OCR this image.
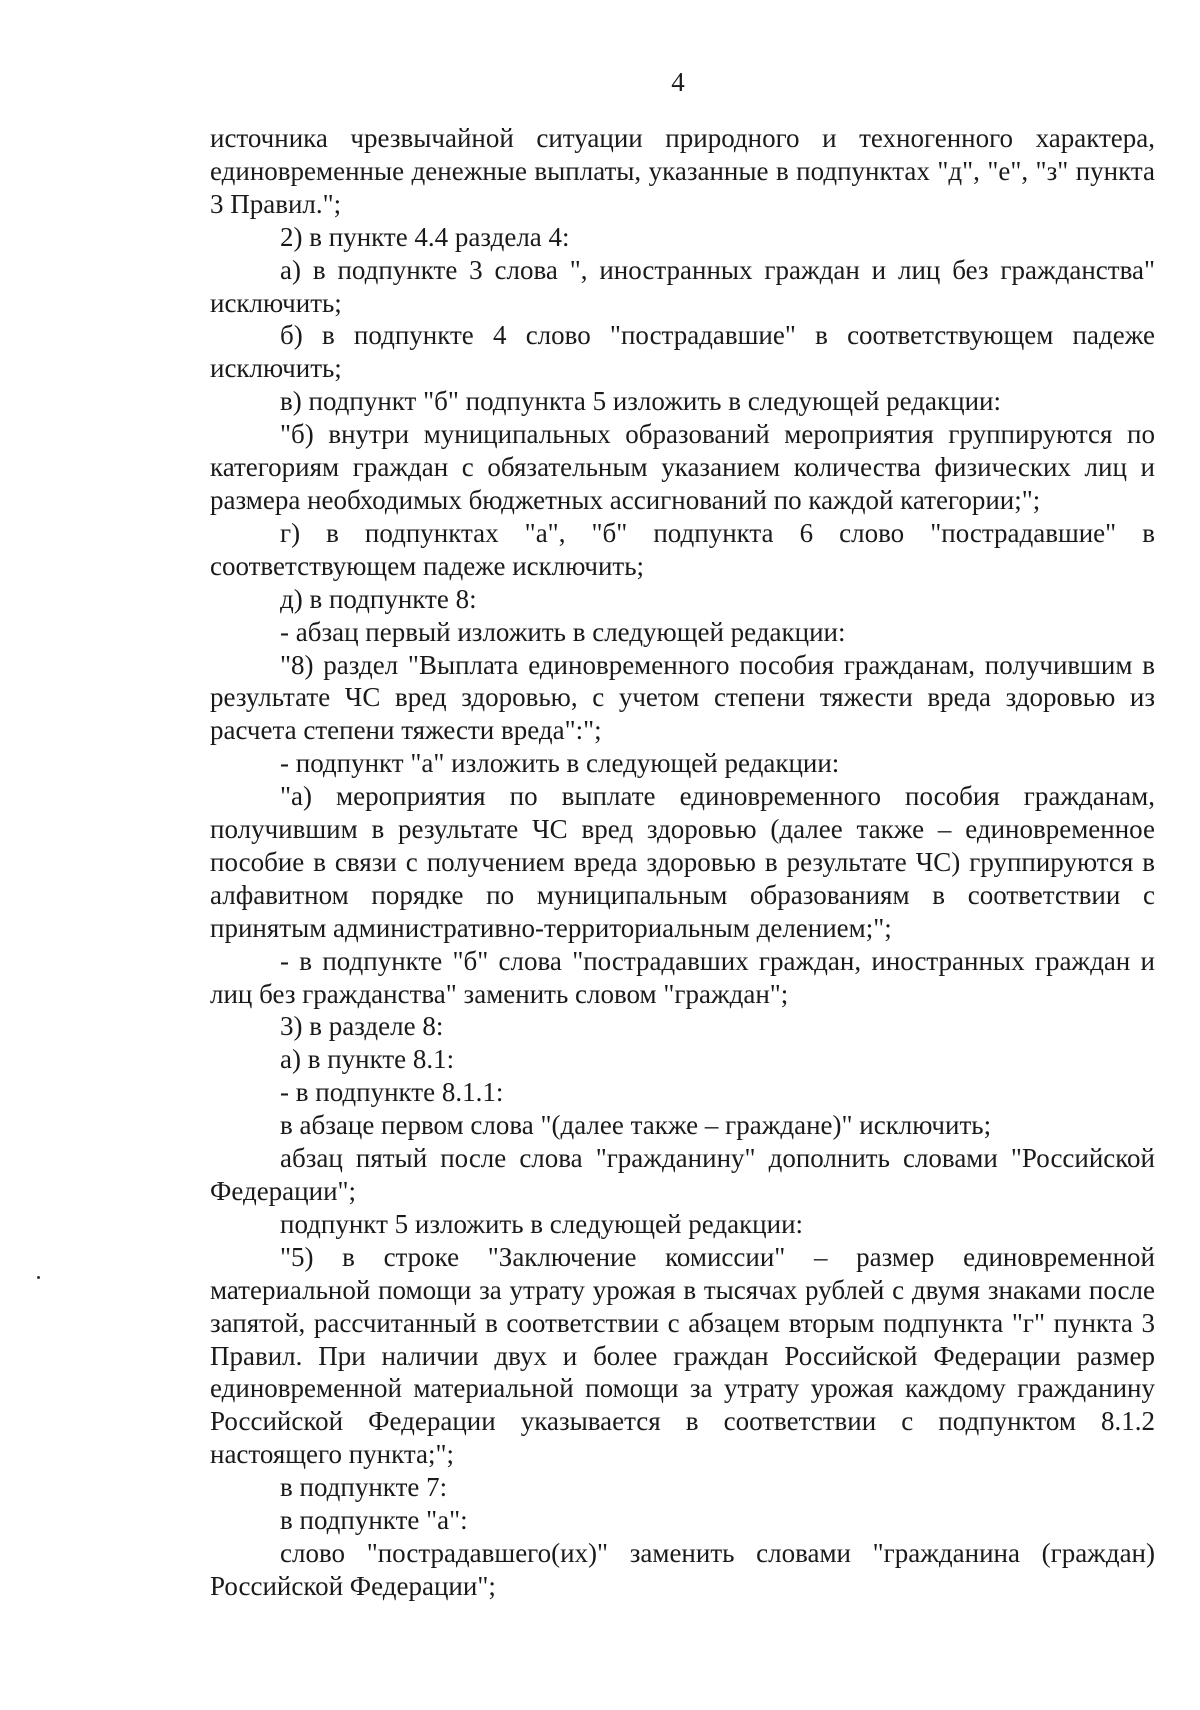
4

источника чрезвычайной ситуации природного и техногенного характера, единовременные денежные выплаты, указанные в подпунктах "д", "е", "з" пункта 3 Правил.";

2) в пункте 4.4 раздела 4:

а) в подпункте 3 слова ", иностранных граждан и лиц без гражданства" исключить;

б) в подпункте 4 слово "пострадавшие" в соответствующем падеже исключить;

в) подпункт "б" подпункта 5 изложить в следующей редакции:

"б) внутри муниципальных образований мероприятия группируются по категориям граждан с обязательным указанием количества физических лиц и размера необходимых бюджетных ассигнований по каждой категории;";

г) в подпунктах "а", "б" подпункта 6 слово "пострадавшие" в соответствующем падеже исключить;

д) в подпункте 8:

- абзац первый изложить в следующей редакции:

"8) раздел "Выплата единовременного пособия гражданам, получившим в результате ЧС вред здоровью, с учетом степени тяжести вреда здоровью из расчета степени тяжести вреда":";

- подпункт "а" изложить в следующей редакции:

"а) мероприятия по выплате единовременного пособия гражданам, получившим в результате ЧС вред здоровью (далее также – единовременное пособие в связи с получением вреда здоровью в результате ЧС) группируются в алфавитном порядке по муниципальным образованиям в соответствии с принятым административно-территориальным делением;";

- в подпункте "б" слова "пострадавших граждан, иностранных граждан и лиц без гражданства" заменить словом "граждан";

3) в разделе 8:

а) в пункте 8.1:

- в подпункте 8.1.1:

в абзаце первом слова "(далее также – граждане)" исключить;

абзац пятый после слова "гражданину" дополнить словами "Российской Федерации";

подпункт 5 изложить в следующей редакции:

"5) в строке "Заключение комиссии" – размер единовременной материальной помощи за утрату урожая в тысячах рублей с двумя знаками после запятой, рассчитанный в соответствии с абзацем вторым подпункта "г" пункта 3 Правил. При наличии двух и более граждан Российской Федерации размер единовременной материальной помощи за утрату урожая каждому гражданину Российской Федерации указывается в соответствии с подпунктом 8.1.2 настоящего пункта;";

в подпункте 7:

в подпункте "а":

слово "пострадавшего(их)" заменить словами "гражданина (граждан) Российской Федерации";
